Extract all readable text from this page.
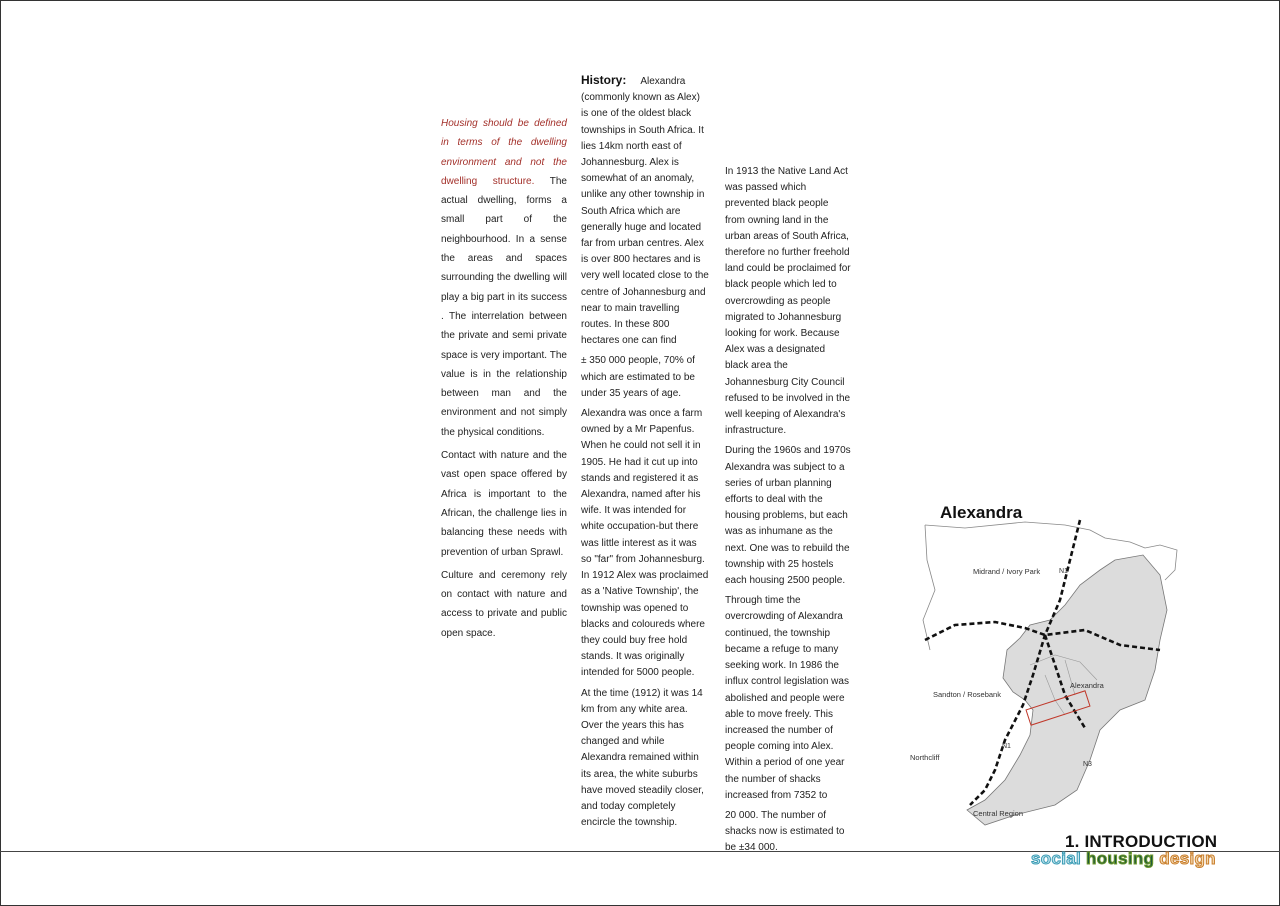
Housing should be defined in terms of the dwelling environment and not the dwelling structure. The actual dwelling, forms a small part of the neighbourhood. In a sense the areas and spaces surrounding the dwelling will play a big part in its success . The interrelation between the private and semi private space is very important. The value is in the relationship between man and the environment and not simply the physical conditions.

Contact with nature and the vast open space offered by Africa is important to the African, the challenge lies in balancing these needs with prevention of urban Sprawl.

Culture and ceremony rely on contact with nature and access to private and public open space.

History: Alexandra (commonly known as Alex) is one of the oldest black townships in South Africa. It lies 14km north east of Johannesburg. Alex is somewhat of an anomaly, unlike any other township in South Africa which are generally huge and located far from urban centres. Alex is over 800 hectares and is very well located close to the centre of Johannesburg and near to main travelling routes. In these 800 hectares one can find

± 350 000 people, 70% of which are estimated to be under 35 years of age.

Alexandra was once a farm owned by a Mr Papenfus. When he could not sell it in 1905. He had it cut up into stands and registered it as Alexandra, named after his wife. It was intended for white occupation-but there was little interest as it was so "far" from Johannesburg. In 1912 Alex was proclaimed as a 'Native Township', the township was opened to blacks and coloureds where they could buy free hold stands. It was originally intended for 5000 people.

At the time (1912) it was 14 km from any white area. Over the years this has changed and while Alexandra remained within its area, the white suburbs have moved steadily closer, and today completely encircle the township.

In 1913 the Native Land Act was passed which prevented black people from owning land in the urban areas of South Africa, therefore no further freehold land could be proclaimed for black people which led to overcrowding as people migrated to Johannesburg looking for work. Because Alex was a designated black area the Johannesburg City Council refused to be involved in the well keeping of Alexandra's infrastructure.

During the 1960s and 1970s Alexandra was subject to a series of urban planning efforts to deal with the housing problems, but each was as inhumane as the next. One was to rebuild the township with 25 hostels each housing 2500 people.

Through time the overcrowding of Alexandra continued, the township became a refuge to many seeking work. In 1986 the influx control legislation was abolished and people were able to move freely. This increased the number of people coming into Alex. Within a period of one year the number of shacks increased from 7352 to

20 000. The number of shacks now is estimated to be ±34 000.

Alexandra
Midrand / Ivory Park	N1
Alexandra
Sandton / Rosebank
Northcliff
N1
N3
Central Region
1. INTRODUCTION
social housing design
